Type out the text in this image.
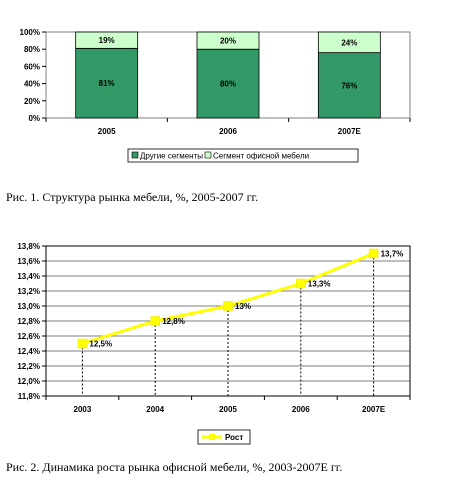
0%
20%
40%
60%
80%
100%
2005	2006	2007E
81%
19%
80%
20%
76%
24%
Другие сегменты Сегмент офисной мебели
Рис. 1. Структура рынка мебели, %, 2005-2007 гг.
11,8%
12,0%
12,2%
12,4%
12,6%
12,8%
13,0%
13,2%
13,4%
13,6%
13,8%
2003	2004	2005	2006	2007E
12,5%
12,8%
13%
13,3%
13,7%
Рост
Рис. 2. Динамика роста рынка офисной мебели, %, 2003-2007E гг.
